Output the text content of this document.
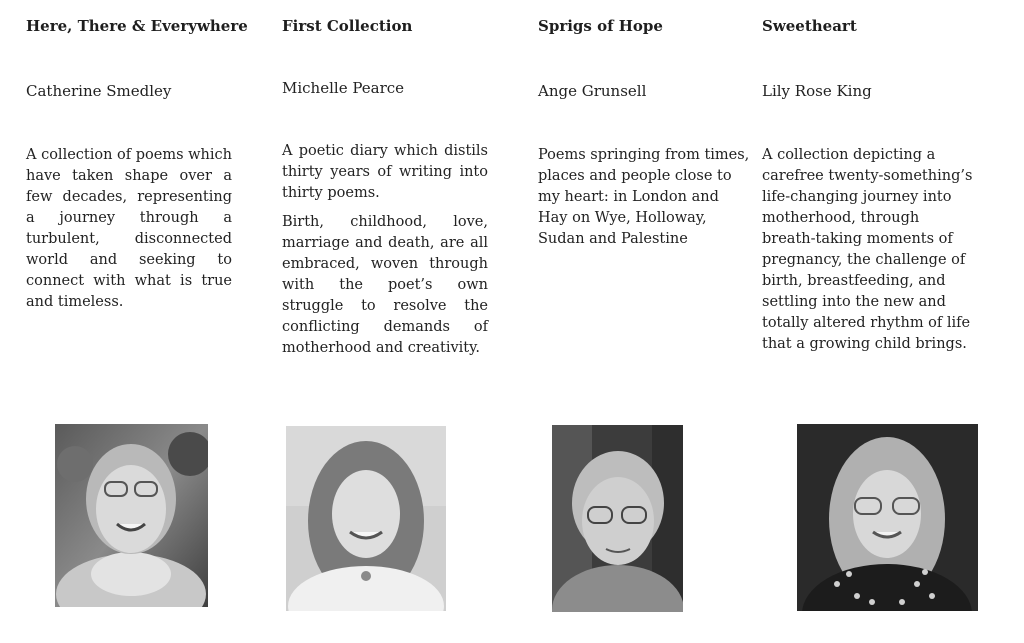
Here, There & Everywhere
Catherine Smedley

A collection of poems which have taken shape over a few decades, representing a journey through a turbulent, disconnected world and seeking to connect with what is true and timeless.

First Collection
Michelle Pearce

A poetic diary which distils thirty years of writing into thirty poems.

Birth, childhood, love, marriage and death, are all embraced, woven through with the poet’s own struggle to resolve the conflicting demands of motherhood and creativity.

Sprigs of Hope
Ange Grunsell

Poems springing from times, places and people close to my heart: in London and Hay on Wye, Holloway, Sudan and Palestine

Sweetheart
Lily Rose King

A collection depicting a carefree twenty-something’s life-changing journey into motherhood, through breath-taking moments of pregnancy, the challenge of birth, breastfeeding, and settling into the new and totally altered rhythm of life that a growing child brings.
